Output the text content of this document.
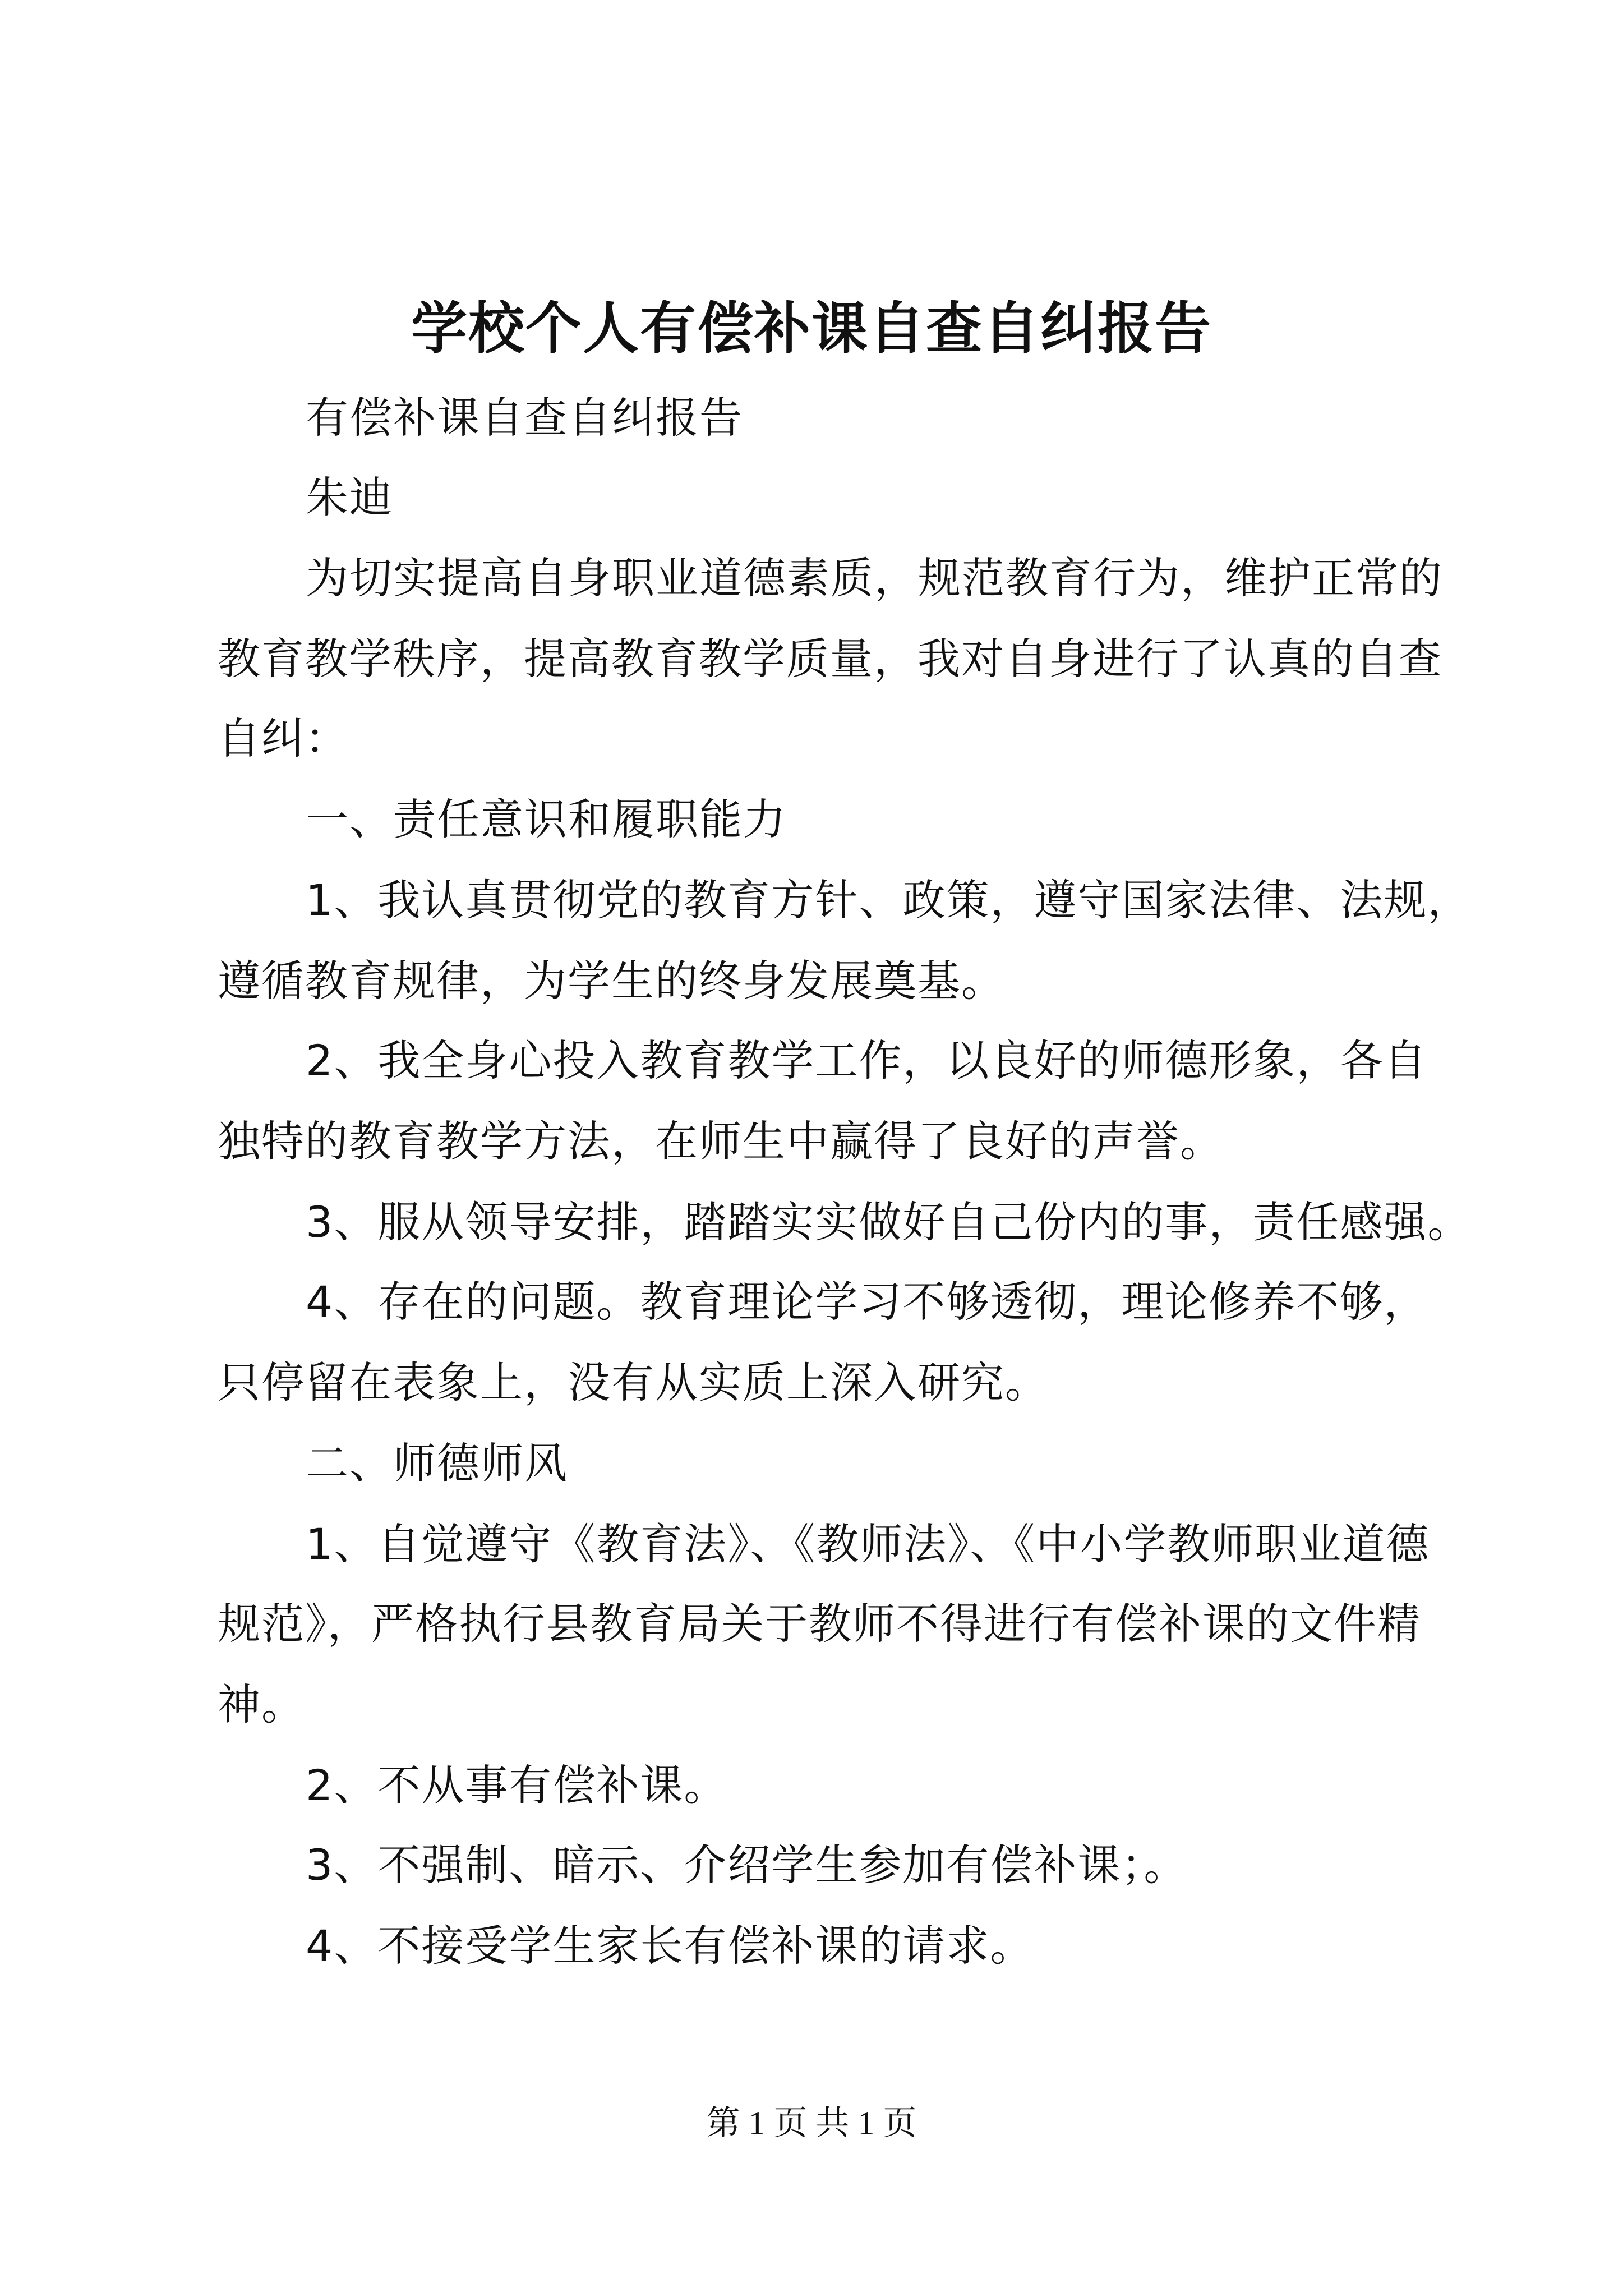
学校个人有偿补课自查自纠报告
有偿补课自查自纠报告
朱迪
为切实提高自身职业道德素质，规范教育行为，维护正常的
教育教学秩序，提高教育教学质量，我对自身进行了认真的自查
自纠：
一、责任意识和履职能力
1、我认真贯彻党的教育方针、政策，遵守国家法律、法规，
遵循教育规律，为学生的终身发展奠基。
2、我全身心投入教育教学工作，以良好的师德形象，各自
独特的教育教学方法，在师生中赢得了良好的声誉。
3、服从领导安排，踏踏实实做好自己份内的事，责任感强。
4、存在的问题。教育理论学习不够透彻，理论修养不够，
只停留在表象上，没有从实质上深入研究。
二、师德师风
1、自觉遵守《教育法》、《教师法》、《中小学教师职业道德
规范》，严格执行县教育局关于教师不得进行有偿补课的文件精
神。
2、不从事有偿补课。
3、不强制、暗示、介绍学生参加有偿补课；。
4、不接受学生家长有偿补课的请求。
第 1 页 共 1 页
